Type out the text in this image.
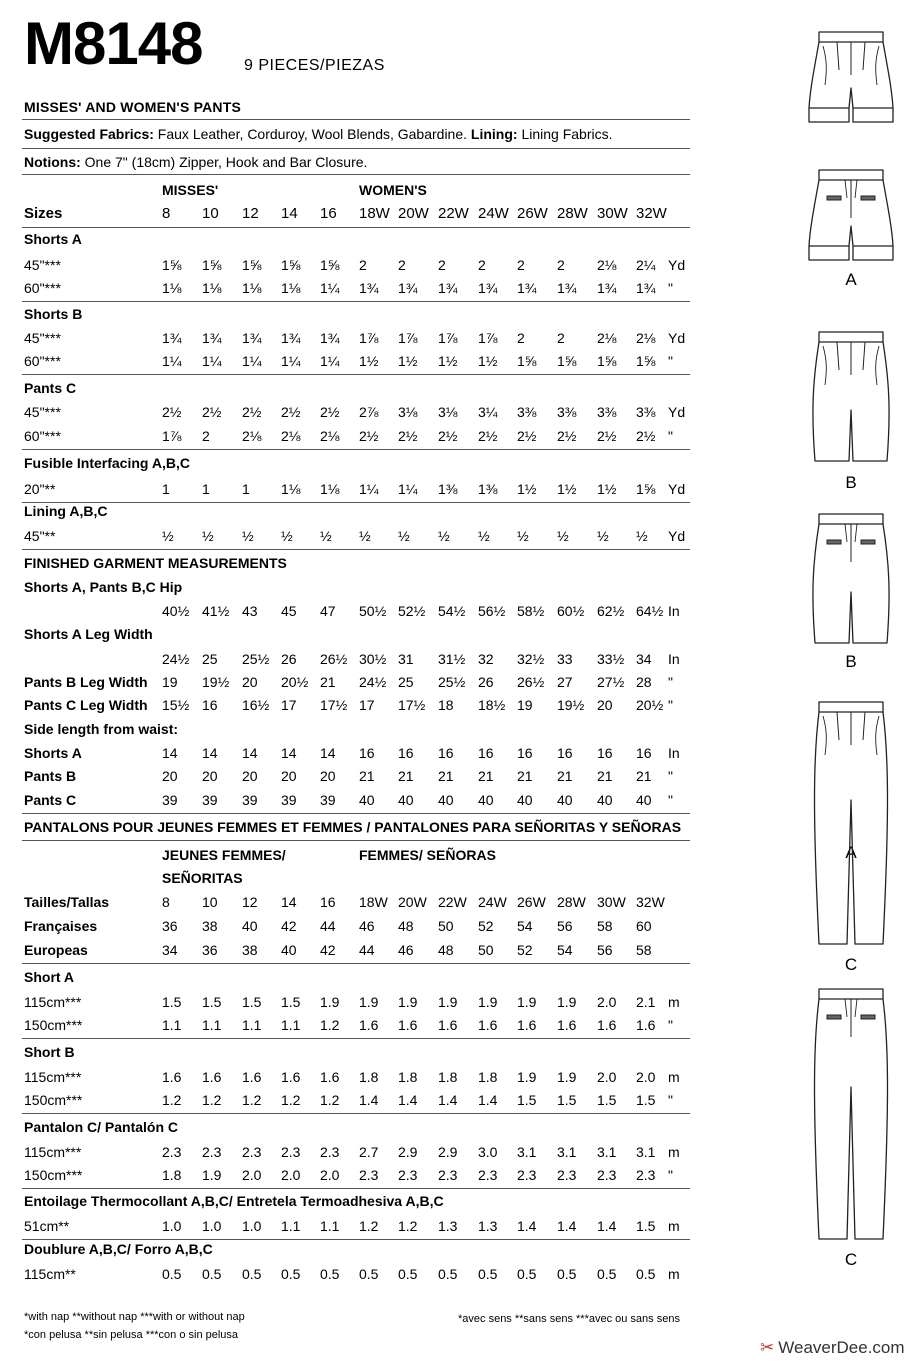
M8148	9 PIECES/PIEZAS
MISSES' AND WOMEN'S PANTS
Suggested Fabrics: Faux Leather, Corduroy, Wool Blends, Gabardine. Lining: Lining Fabrics.
Notions: One 7" (18cm) Zipper, Hook and Bar Closure.
MISSES'	WOMEN'S
Sizes	8 10 12 14 16 18W 20W 22W 24W 26W 28W 30W 32W
Shorts A
45"***	1⅝ 1⅝ 1⅝ 1⅝ 1⅝ 2 2 2 2 2 2 2⅛ 2¼ Yd
60"***	1⅛ 1⅛ 1⅛ 1⅛ 1¼ 1¾ 1¾ 1¾ 1¾ 1¾ 1¾ 1¾ 1¾ "
Shorts B
45"***	1¾ 1¾ 1¾ 1¾ 1¾ 1⅞ 1⅞ 1⅞ 1⅞ 2 2 2⅛ 2⅛ Yd
60"***	1¼ 1¼ 1¼ 1¼ 1¼ 1½ 1½ 1½ 1½ 1⅝ 1⅝ 1⅝ 1⅝ "
Pants C
45"***	2½ 2½ 2½ 2½ 2½ 2⅞ 3⅛ 3⅛ 3¼ 3⅜ 3⅜ 3⅜ 3⅜ Yd
60"***	1⅞ 2 2⅛ 2⅛ 2⅛ 2½ 2½ 2½ 2½ 2½ 2½ 2½ 2½ "
Fusible Interfacing A,B,C
20"**	1 1 1 1⅛ 1⅛ 1¼ 1¼ 1⅜ 1⅜ 1½ 1½ 1½ 1⅝ Yd
Lining A,B,C
45"**	½ ½ ½ ½ ½ ½ ½ ½ ½ ½ ½ ½ ½ Yd
FINISHED GARMENT MEASUREMENTS
Shorts A, Pants B,C Hip
40½ 41½ 43 45 47 50½ 52½ 54½ 56½ 58½ 60½ 62½ 64½ In
Shorts A Leg Width
24½ 25 25½ 26 26½ 30½ 31 31½ 32 32½ 33 33½ 34 In
Pants B Leg Width 19 19½ 20 20½ 21 24½ 25 25½ 26 26½ 27 27½ 28 "
Pants C Leg Width 15½ 16 16½ 17 17½ 17 17½ 18 18½ 19 19½ 20 20½ "
Side length from waist:
Shorts A	14 14 14 14 14 16 16 16 16 16 16 16 16 In
Pants B	20 20 20 20 20 21 21 21 21 21 21 21 21 "
Pants C	39 39 39 39 39 40 40 40 40 40 40 40 40 "
PANTALONS POUR JEUNES FEMMES ET FEMMES / PANTALONES PARA SEÑORITAS Y SEÑORAS
JEUNES FEMMES/
SEÑORITAS
FEMMES/ SEÑORAS
Tailles/Tallas	8 10 12 14 16 18W 20W 22W 24W 26W 28W 30W 32W
Françaises	36 38 40 42 44 46 48 50 52 54 56 58 60
Europeas	34 36 38 40 42 44 46 48 50 52 54 56 58
Short A
115cm***	1.5 1.5 1.5 1.5 1.9 1.9 1.9 1.9 1.9 1.9 1.9 2.0 2.1 m
150cm***	1.1 1.1 1.1 1.1 1.2 1.6 1.6 1.6 1.6 1.6 1.6 1.6 1.6 "
Short B
115cm***	1.6 1.6 1.6 1.6 1.6 1.8 1.8 1.8 1.8 1.9 1.9 2.0 2.0 m
150cm***	1.2 1.2 1.2 1.2 1.2 1.4 1.4 1.4 1.4 1.5 1.5 1.5 1.5 "
Pantalon C/ Pantalón C
115cm***	2.3 2.3 2.3 2.3 2.3 2.7 2.9 2.9 3.0 3.1 3.1 3.1 3.1 m
150cm***	1.8 1.9 2.0 2.0 2.0 2.3 2.3 2.3 2.3 2.3 2.3 2.3 2.3 "
Entoilage Thermocollant A,B,C/ Entretela Termoadhesiva A,B,C
51cm**	1.0 1.0 1.0 1.1 1.1 1.2 1.2 1.3 1.3 1.4 1.4 1.4 1.5 m
Doublure A,B,C/ Forro A,B,C
115cm**	0.5 0.5 0.5 0.5 0.5 0.5 0.5 0.5 0.5 0.5 0.5 0.5 0.5 m
A
A
B
B
C
C
*with nap **without nap ***with or without nap
*con pelusa **sin pelusa ***con o sin pelusa
*avec sens **sans sens ***avec ou sans sens
✂ WeaverDee.com
